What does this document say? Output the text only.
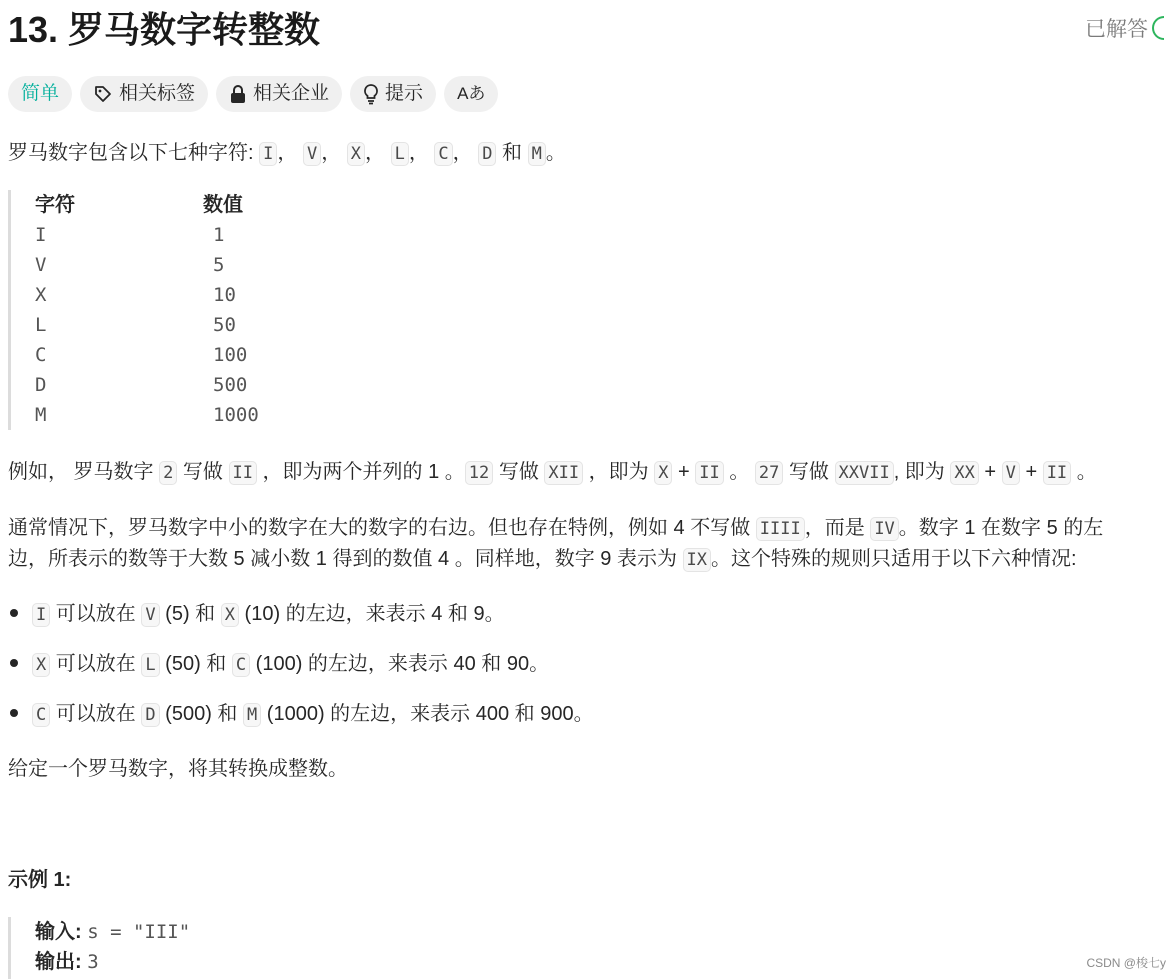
13. 罗马数字转整数	已解答
简单	相关标签	相关企业	提示 Aあ
罗马数字包含以下七种字符: I ， V ， X ， L ， C ， D 和 M 。
字符	数值
I	1
V	5
X	10
L	50
C	100
D	500
M	1000
例如， 罗马数字 2 写做 II ，即为两个并列的 1 。 12 写做 XII ，即为 X + II 。 27 写做 XXVII , 即为 XX + V + II 。
通常情况下，罗马数字中小的数字在大的数字的右边。但也存在特例，例如 4 不写做 IIII ，而是 IV 。数字 1 在数字 5 的左
边，所表示的数等于大数 5 减小数 1 得到的数值 4 。同样地，数字 9 表示为 IX 。这个特殊的规则只适用于以下六种情况:
I 可以放在 V (5) 和 X (10) 的左边，来表示 4 和 9。
X 可以放在 L (50) 和 C (100) 的左边，来表示 40 和 90。
C 可以放在 D (500) 和 M (1000) 的左边，来表示 400 和 900。
给定一个罗马数字，将其转换成整数。
示例 1:
输入: s = "III"
输出: 3	CSDN @梭七y
